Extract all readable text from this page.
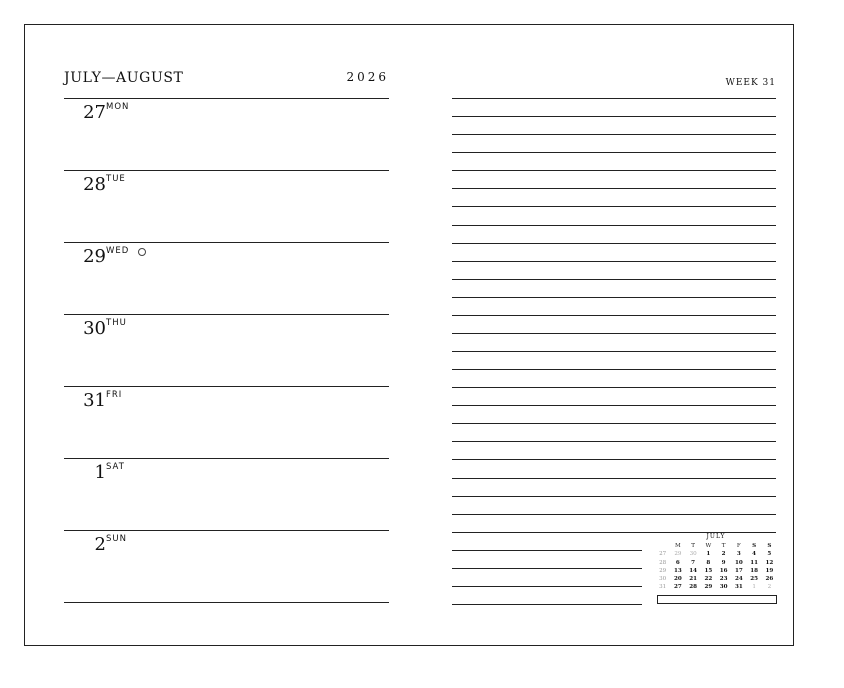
JULY—AUGUST	2026
27 MON
28 TUE
29 WED
30 THU
31 FRI
1 SAT
2 SUN
WEEK 31
JULY
M	T	W	T	F	S	S
27	29	30	1	2	3	4	5
28	6	7	8	9	10	11	12
29	13	14	15	16	17	18	19
30	20	21	22	23	24	25	26
31	27	28	29	30	31	1	2
